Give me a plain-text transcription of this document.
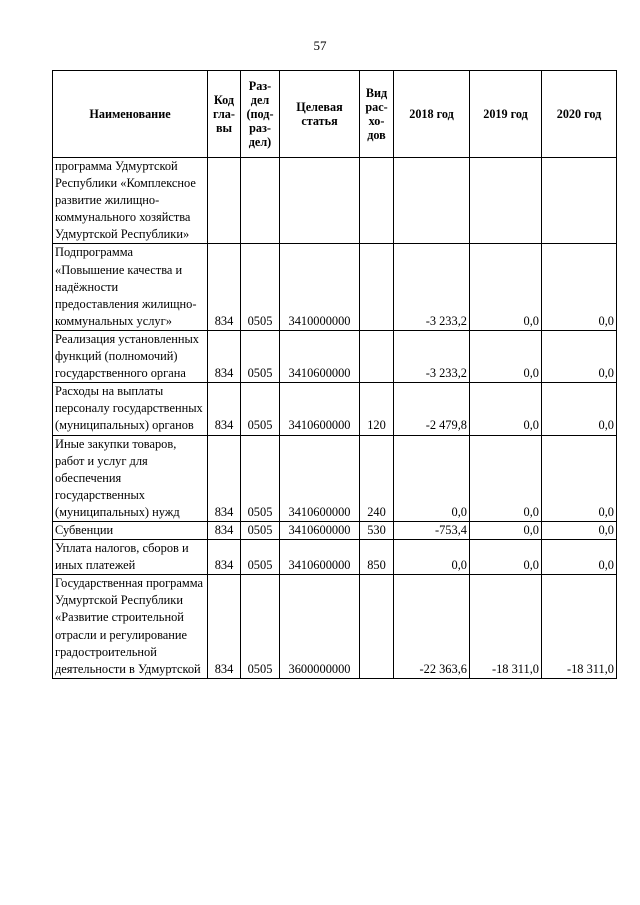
57
Наименование	Код гла- вы	Раз- дел (под- раз- дел)	Целевая статья	Вид рас- хо- дов	2018 год	2019 год	2020 год
программа Удмуртской Республики «Комплексное развитие жилищно-коммунального хозяйства Удмуртской Республики»							
Подпрограмма «Повышение качества и надёжности предоставления жилищно-коммунальных услуг»	834	0505	3410000000		-3 233,2	0,0	0,0
Реализация установленных функций (полномочий) государственного органа	834	0505	3410600000		-3 233,2	0,0	0,0
Расходы на выплаты персоналу государственных (муниципальных) органов	834	0505	3410600000	120	-2 479,8	0,0	0,0
Иные закупки товаров, работ и услуг для обеспечения государственных (муниципальных) нужд	834	0505	3410600000	240	0,0	0,0	0,0
Субвенции	834	0505	3410600000	530	-753,4	0,0	0,0
Уплата налогов, сборов и иных платежей	834	0505	3410600000	850	0,0	0,0	0,0
Государственная программа Удмуртской Республики «Развитие строительной отрасли и регулирование градостроительной деятельности в Удмуртской	834	0505	3600000000		-22 363,6	-18 311,0	-18 311,0
